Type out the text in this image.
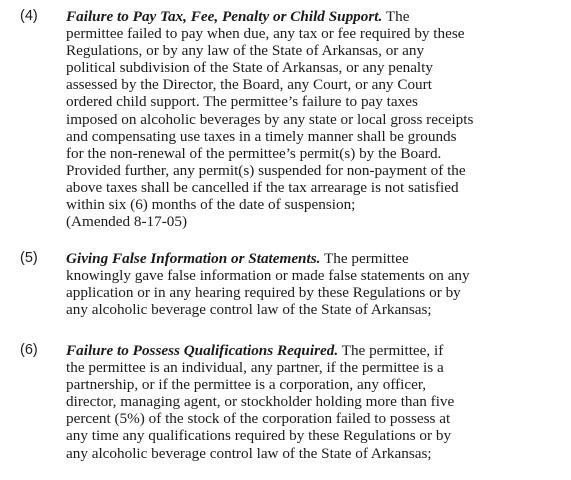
(4) Failure to Pay Tax, Fee, Penalty or Child Support. The
permittee failed to pay when due, any tax or fee required by these
Regulations, or by any law of the State of Arkansas, or any
political subdivision of the State of Arkansas, or any penalty
assessed by the Director, the Board, any Court, or any Court
ordered child support. The permittee’s failure to pay taxes
imposed on alcoholic beverages by any state or local gross receipts
and compensating use taxes in a timely manner shall be grounds
for the non-renewal of the permittee’s permit(s) by the Board.
Provided further, any permit(s) suspended for non-payment of the
above taxes shall be cancelled if the tax arrearage is not satisfied
within six (6) months of the date of suspension;
(Amended 8-17-05)
(5) Giving False Information or Statements. The permittee
knowingly gave false information or made false statements on any
application or in any hearing required by these Regulations or by
any alcoholic beverage control law of the State of Arkansas;
(6) Failure to Possess Qualifications Required. The permittee, if
the permittee is an individual, any partner, if the permittee is a
partnership, or if the permittee is a corporation, any officer,
director, managing agent, or stockholder holding more than five
percent (5%) of the stock of the corporation failed to possess at
any time any qualifications required by these Regulations or by
any alcoholic beverage control law of the State of Arkansas;
